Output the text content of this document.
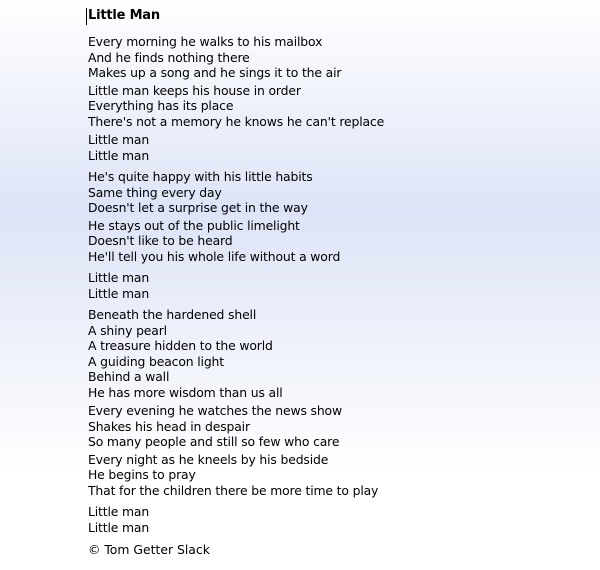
Little Man
Every morning he walks to his mailbox
And he finds nothing there
Makes up a song and he sings it to the air
Little man keeps his house in order
Everything has its place
There's not a memory he knows he can't replace
Little man
Little man
He's quite happy with his little habits
Same thing every day
Doesn't let a surprise get in the way
He stays out of the public limelight
Doesn't like to be heard
He'll tell you his whole life without a word
Little man
Little man
Beneath the hardened shell
A shiny pearl
A treasure hidden to the world
A guiding beacon light
Behind a wall
He has more wisdom than us all
Every evening he watches the news show
Shakes his head in despair
So many people and still so few who care
Every night as he kneels by his bedside
He begins to pray
That for the children there be more time to play
Little man
Little man
© Tom Getter Slack
